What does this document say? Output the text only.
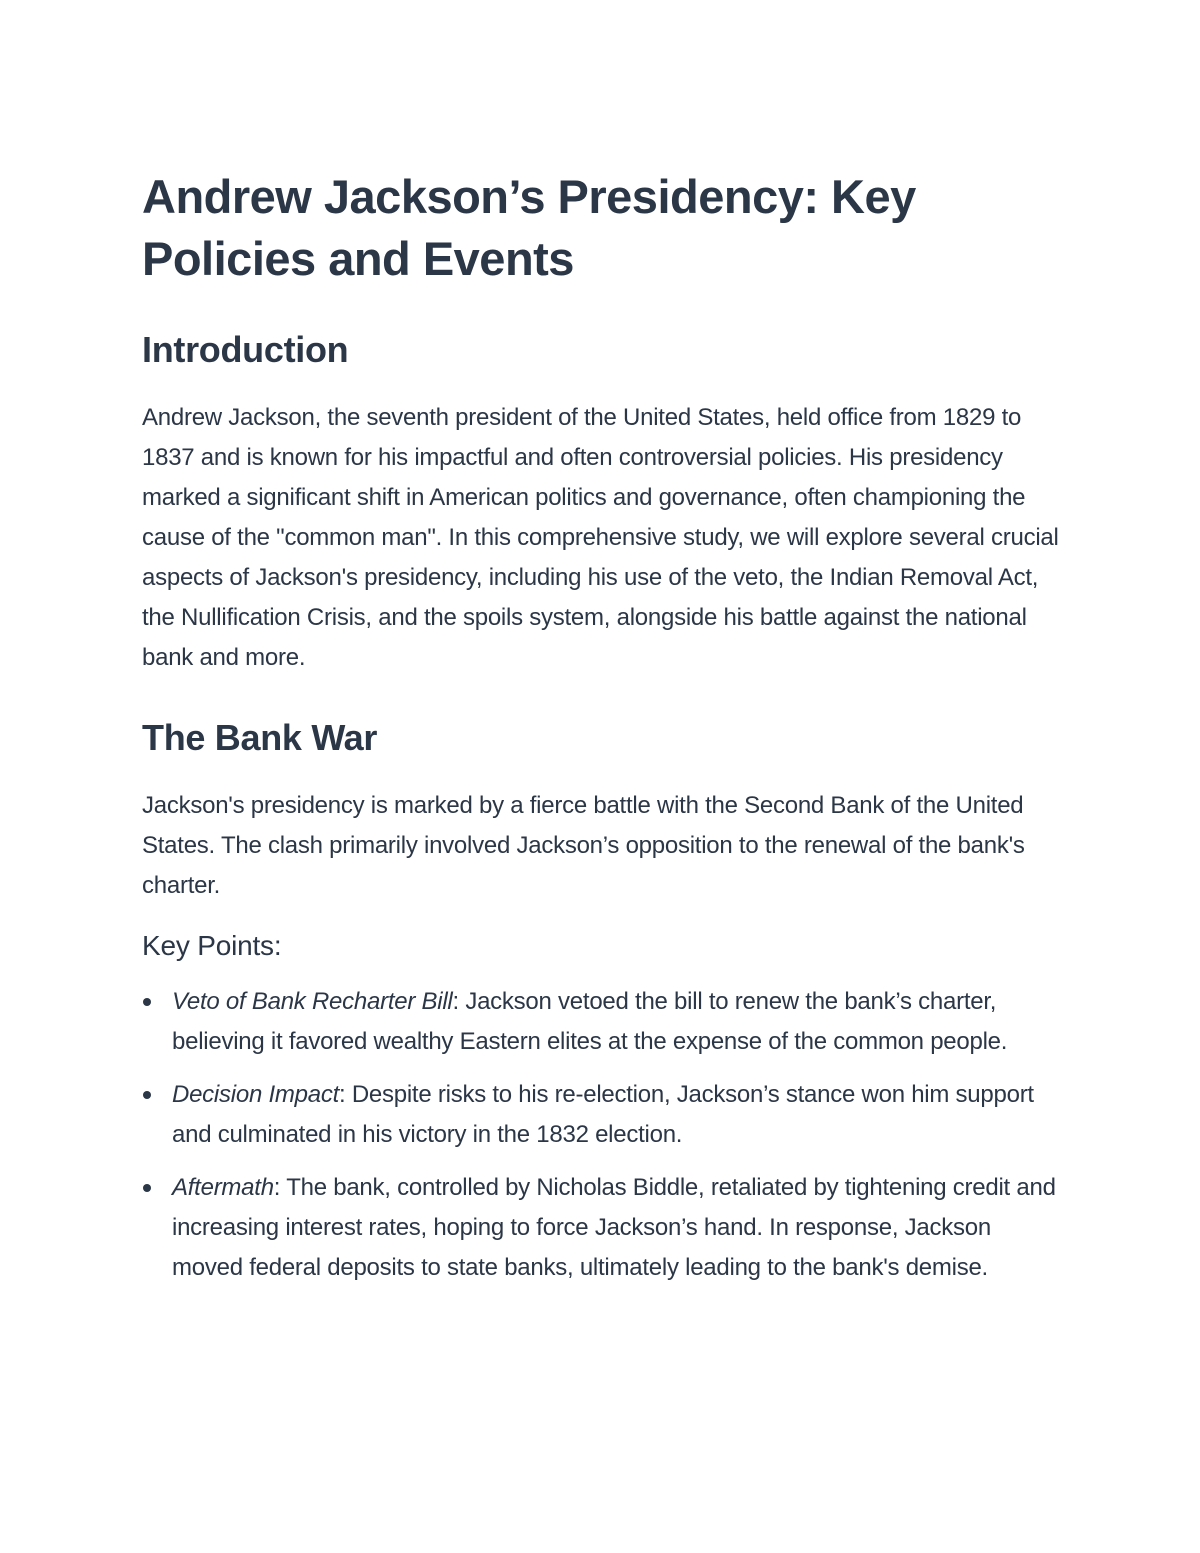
Andrew Jackson’s Presidency: Key Policies and Events
Introduction

Andrew Jackson, the seventh president of the United States, held office from 1829 to 1837 and is known for his impactful and often controversial policies. His presidency marked a significant shift in American politics and governance, often championing the cause of the "common man". In this comprehensive study, we will explore several crucial aspects of Jackson's presidency, including his use of the veto, the Indian Removal Act, the Nullification Crisis, and the spoils system, alongside his battle against the national bank and more.

The Bank War

Jackson's presidency is marked by a fierce battle with the Second Bank of the United States. The clash primarily involved Jackson’s opposition to the renewal of the bank's charter.

Key Points:
Veto of Bank Recharter Bill: Jackson vetoed the bill to renew the bank’s charter, believing it favored wealthy Eastern elites at the expense of the common people.
Decision Impact: Despite risks to his re-election, Jackson’s stance won him support and culminated in his victory in the 1832 election.
Aftermath: The bank, controlled by Nicholas Biddle, retaliated by tightening credit and increasing interest rates, hoping to force Jackson’s hand. In response, Jackson moved federal deposits to state banks, ultimately leading to the bank's demise.
